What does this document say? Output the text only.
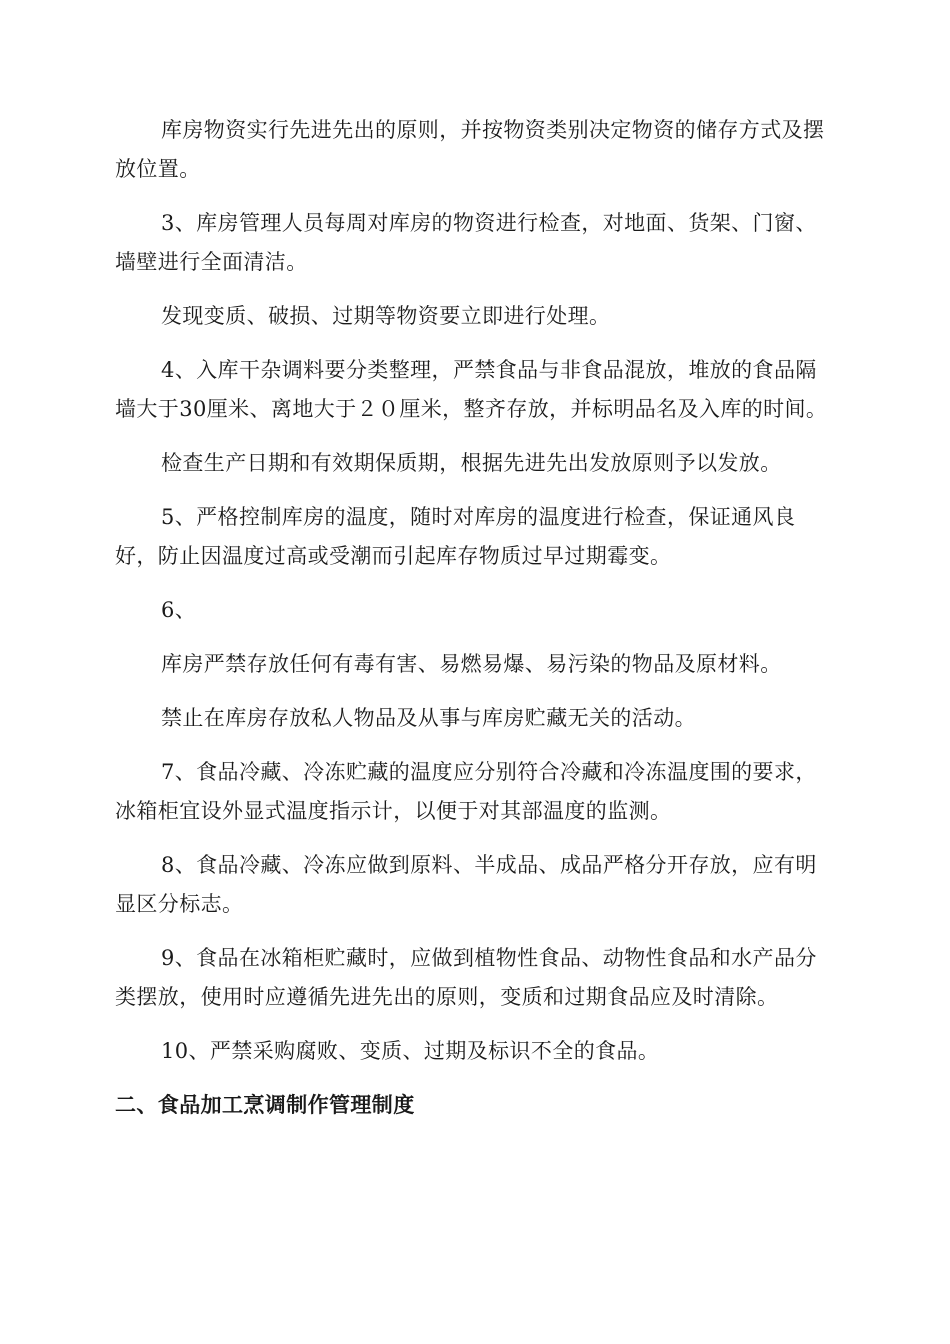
库房物资实行先进先出的原则，并按物资类别决定物资的储存方式及摆放位置。

3、库房管理人员每周对库房的物资进行检查，对地面、货架、门窗、墙壁进行全面清洁。

发现变质、破损、过期等物资要立即进行处理。

4、入库干杂调料要分类整理，严禁食品与非食品混放，堆放的食品隔墙大于30厘米、离地大于２０厘米，整齐存放，并标明品名及入库的时间。

检查生产日期和有效期保质期，根据先进先出发放原则予以发放。

5、严格控制库房的温度，随时对库房的温度进行检查，保证通风良好，防止因温度过高或受潮而引起库存物质过早过期霉变。

6、

库房严禁存放任何有毒有害、易燃易爆、易污染的物品及原材料。

禁止在库房存放私人物品及从事与库房贮藏无关的活动。

7、食品冷藏、冷冻贮藏的温度应分别符合冷藏和冷冻温度围的要求，冰箱柜宜设外显式温度指示计，以便于对其部温度的监测。

8、食品冷藏、冷冻应做到原料、半成品、成品严格分开存放，应有明显区分标志。

9、食品在冰箱柜贮藏时，应做到植物性食品、动物性食品和水产品分类摆放，使用时应遵循先进先出的原则，变质和过期食品应及时清除。

10、严禁采购腐败、变质、过期及标识不全的食品。

二、食品加工烹调制作管理制度
